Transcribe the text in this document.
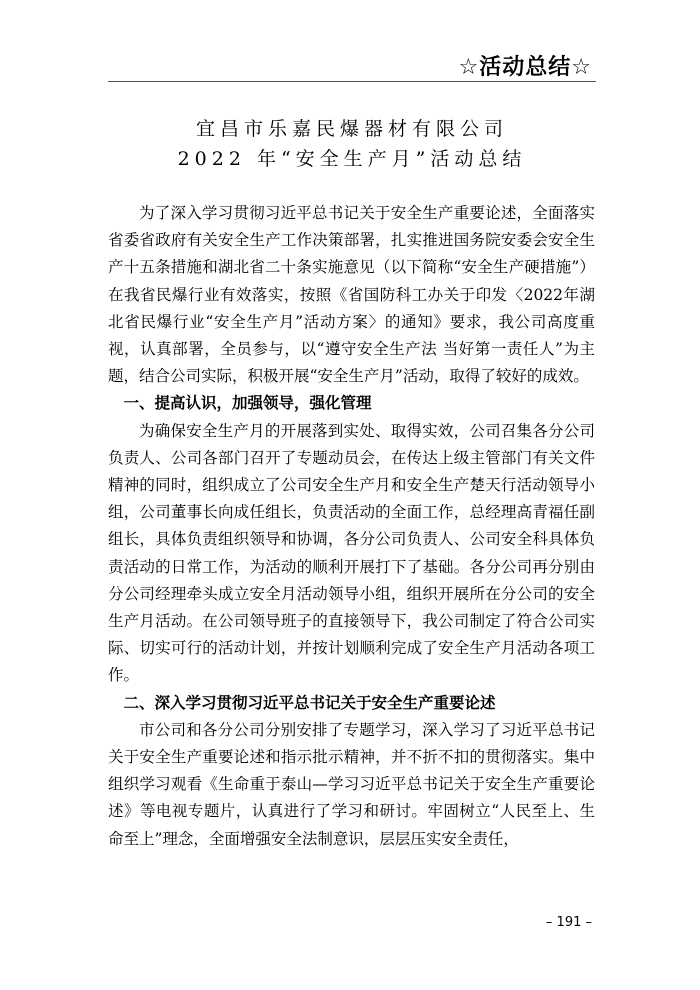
☆活动总结☆
宜昌市乐嘉民爆器材有限公司
2022 年“安全生产月”活动总结

为了深入学习贯彻习近平总书记关于安全生产重要论述，全面落实省委省政府有关安全生产工作决策部署，扎实推进国务院安委会安全生产十五条措施和湖北省二十条实施意见（以下简称“安全生产硬措施”）在我省民爆行业有效落实，按照《省国防科工办关于印发〈2022年湖北省民爆行业“安全生产月”活动方案〉的通知》要求，我公司高度重视，认真部署，全员参与，以“遵守安全生产法 当好第一责任人”为主题，结合公司实际，积极开展“安全生产月”活动，取得了较好的成效。

一、提高认识，加强领导，强化管理

为确保安全生产月的开展落到实处、取得实效，公司召集各分公司负责人、公司各部门召开了专题动员会，在传达上级主管部门有关文件精神的同时，组织成立了公司安全生产月和安全生产楚天行活动领导小组，公司董事长向成任组长，负责活动的全面工作，总经理高青福任副组长，具体负责组织领导和协调，各分公司负责人、公司安全科具体负责活动的日常工作，为活动的顺利开展打下了基础。各分公司再分别由分公司经理牵头成立安全月活动领导小组，组织开展所在分公司的安全生产月活动。在公司领导班子的直接领导下，我公司制定了符合公司实际、切实可行的活动计划，并按计划顺利完成了安全生产月活动各项工作。

二、深入学习贯彻习近平总书记关于安全生产重要论述

市公司和各分公司分别安排了专题学习，深入学习了习近平总书记关于安全生产重要论述和指示批示精神，并不折不扣的贯彻落实。集中组织学习观看《生命重于泰山—学习习近平总书记关于安全生产重要论述》等电视专题片，认真进行了学习和研讨。牢固树立“人民至上、生命至上”理念，全面增强安全法制意识，层层压实安全责任，

– 191 –
